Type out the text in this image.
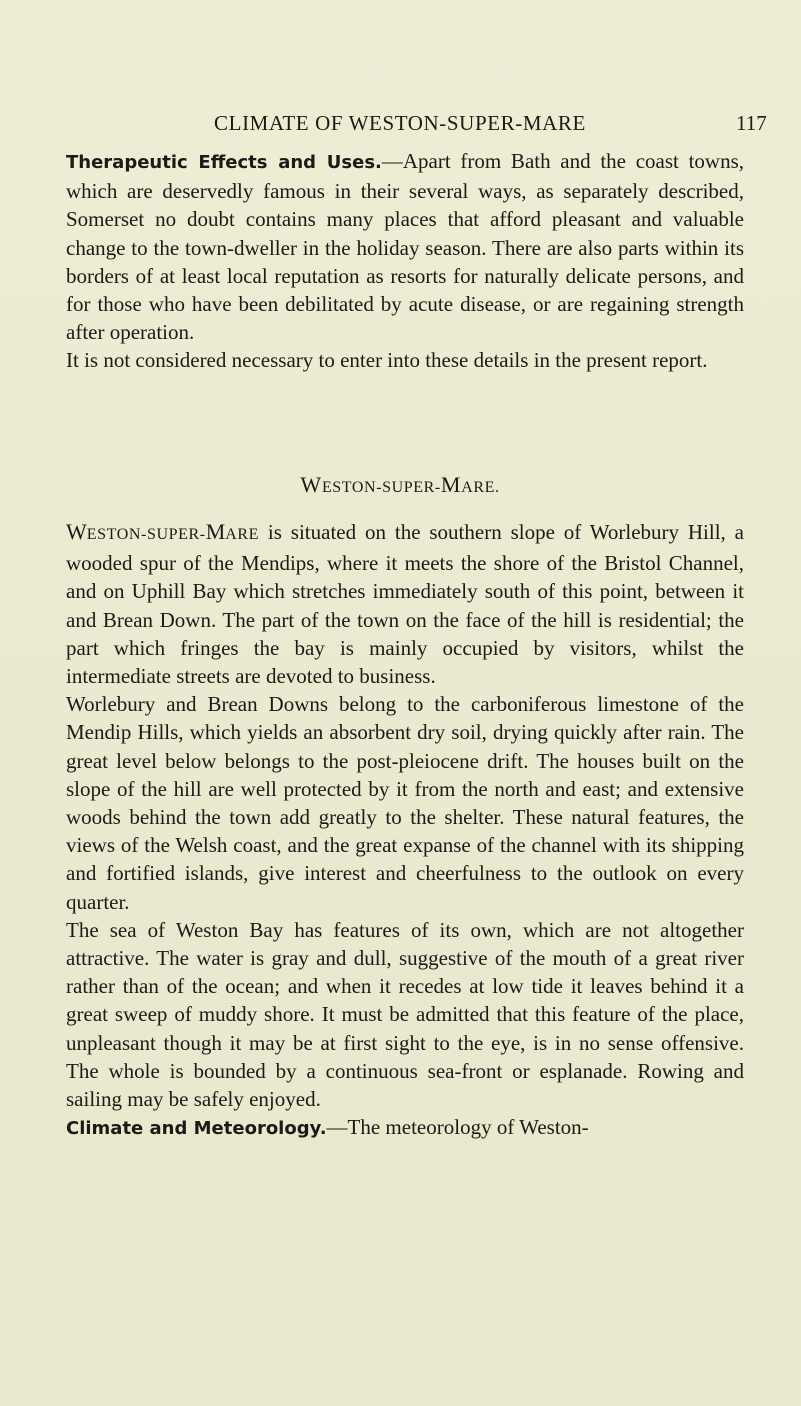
CLIMATE OF WESTON-SUPER-MARE	117

Therapeutic Effects and Uses.—Apart from Bath and the coast towns, which are deservedly famous in their several ways, as separately described, Somerset no doubt contains many places that afford pleasant and valuable change to the town-dweller in the holiday season. There are also parts within its borders of at least local reputation as resorts for naturally delicate persons, and for those who have been debilitated by acute disease, or are regaining strength after operation.

It is not considered necessary to enter into these details in the present report.

WESTON-SUPER-MARE.

WESTON-SUPER-MARE is situated on the southern slope of Worlebury Hill, a wooded spur of the Mendips, where it meets the shore of the Bristol Channel, and on Uphill Bay which stretches immediately south of this point, between it and Brean Down. The part of the town on the face of the hill is residential; the part which fringes the bay is mainly occupied by visitors, whilst the intermediate streets are devoted to business.

Worlebury and Brean Downs belong to the carboniferous limestone of the Mendip Hills, which yields an absorbent dry soil, drying quickly after rain. The great level below belongs to the post-pleiocene drift. The houses built on the slope of the hill are well protected by it from the north and east; and extensive woods behind the town add greatly to the shelter. These natural features, the views of the Welsh coast, and the great expanse of the channel with its shipping and fortified islands, give interest and cheerfulness to the outlook on every quarter.

The sea of Weston Bay has features of its own, which are not altogether attractive. The water is gray and dull, suggestive of the mouth of a great river rather than of the ocean; and when it recedes at low tide it leaves behind it a great sweep of muddy shore. It must be admitted that this feature of the place, unpleasant though it may be at first sight to the eye, is in no sense offensive. The whole is bounded by a continuous sea-front or esplanade. Rowing and sailing may be safely enjoyed.

Climate and Meteorology.—The meteorology of Weston-
